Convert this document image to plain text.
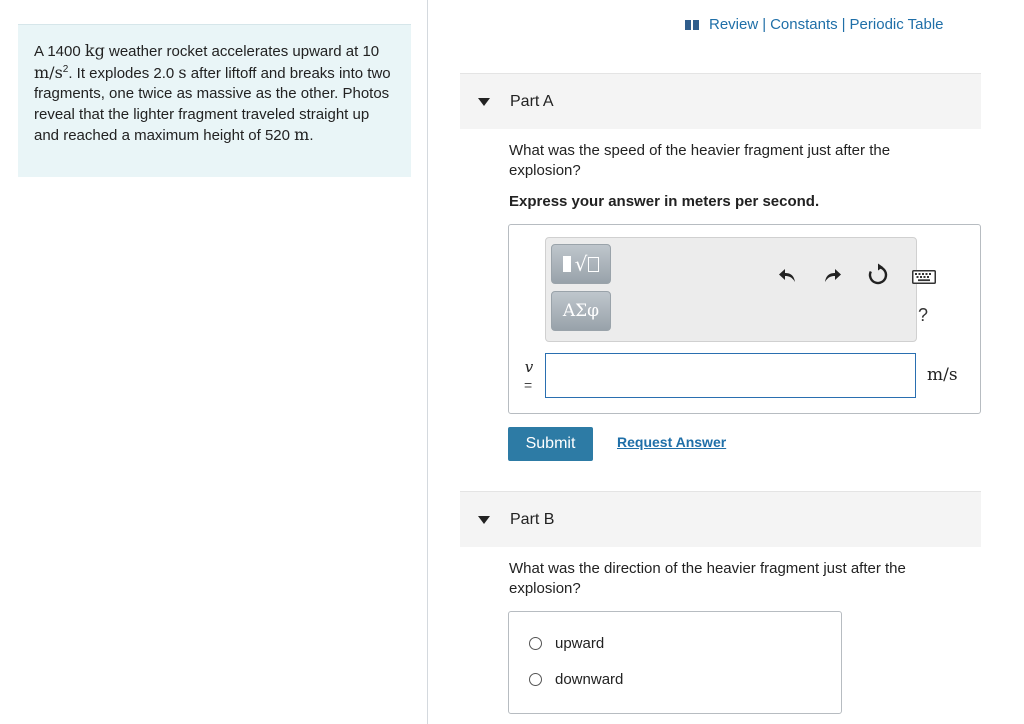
A 1400 kg weather rocket accelerates upward at 10 $m/s^2$. It explodes 2.0 s after liftoff and breaks into two fragments, one twice as massive as the other. Photos reveal that the lighter fragment traveled straight up and reached a maximum height of 520 m.
Review | Constants | Periodic Table
Part A
What was the speed of the heavier fragment just after the explosion?
Express your answer in meters per second.
√
ΑΣφ	?
v
=	m/s
Submit	Request Answer
Part B
What was the direction of the heavier fragment just after the explosion?
upward
downward
